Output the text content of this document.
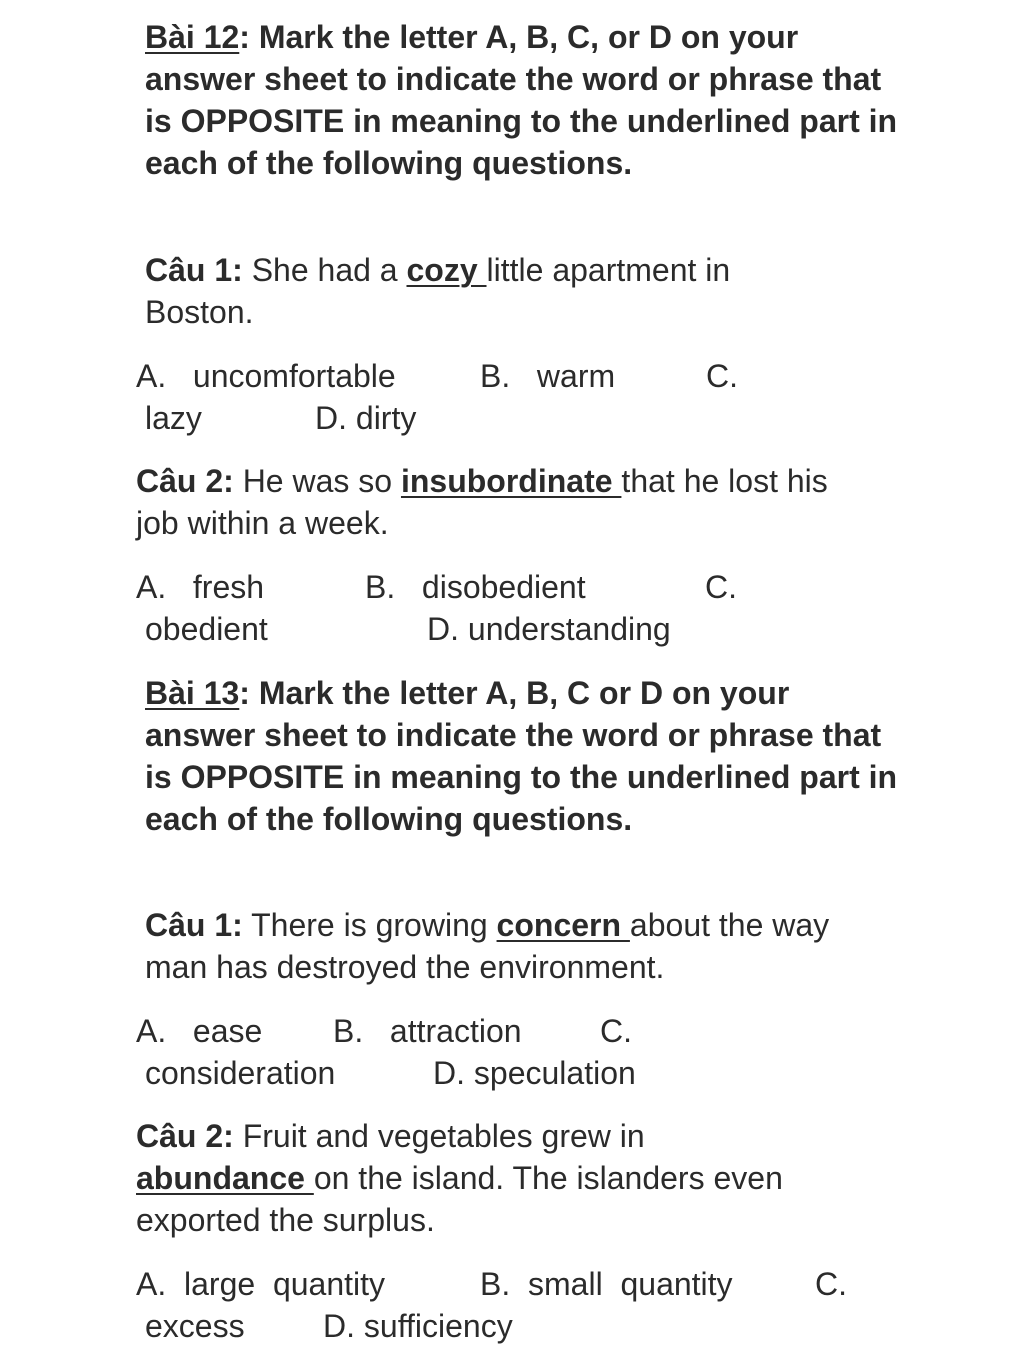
Bài 12: Mark the letter A, B, C, or D on your answer sheet to indicate the word or phrase that is OPPOSITE in meaning to the underlined part in each of the following questions.
Câu 1: She had a cozy little apartment in Boston.
A.   uncomfortable	B.   warm	C.
lazy	D. dirty
Câu 2: He was so insubordinate that he lost his job within a week.
A.   fresh	B.   disobedient	C.
obedient	D. understanding
Bài 13: Mark the letter A, B, C or D on your answer sheet to indicate the word or phrase that is OPPOSITE in meaning to the underlined part in each of the following questions.
Câu 1: There is growing concern about the way man has destroyed the environment.
A.   ease B.   attraction C.
consideration	D. speculation
Câu 2: Fruit and vegetables grew in abundance on the island. The islanders even exported the surplus.
A.  large  quantity	B.  small  quantity	C.
excess D. sufficiency
